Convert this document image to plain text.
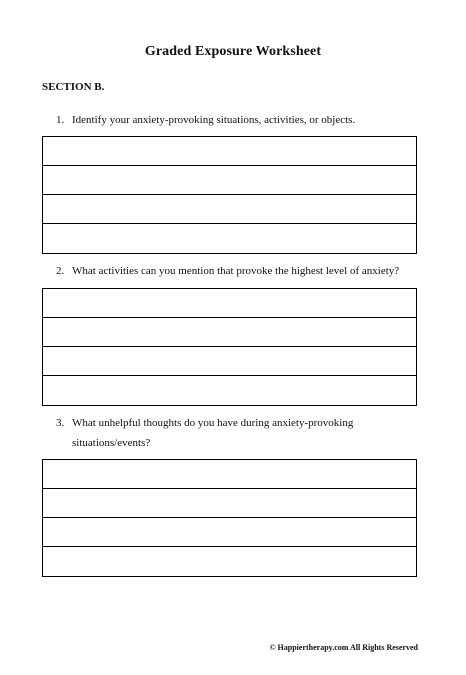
Graded Exposure Worksheet
SECTION B.
1. Identify your anxiety-provoking situations, activities, or objects.
2. What activities can you mention that provoke the highest level of anxiety?
3. What unhelpful thoughts do you have during anxiety-provoking
situations/events?
© Happiertherapy.com All Rights Reserved
